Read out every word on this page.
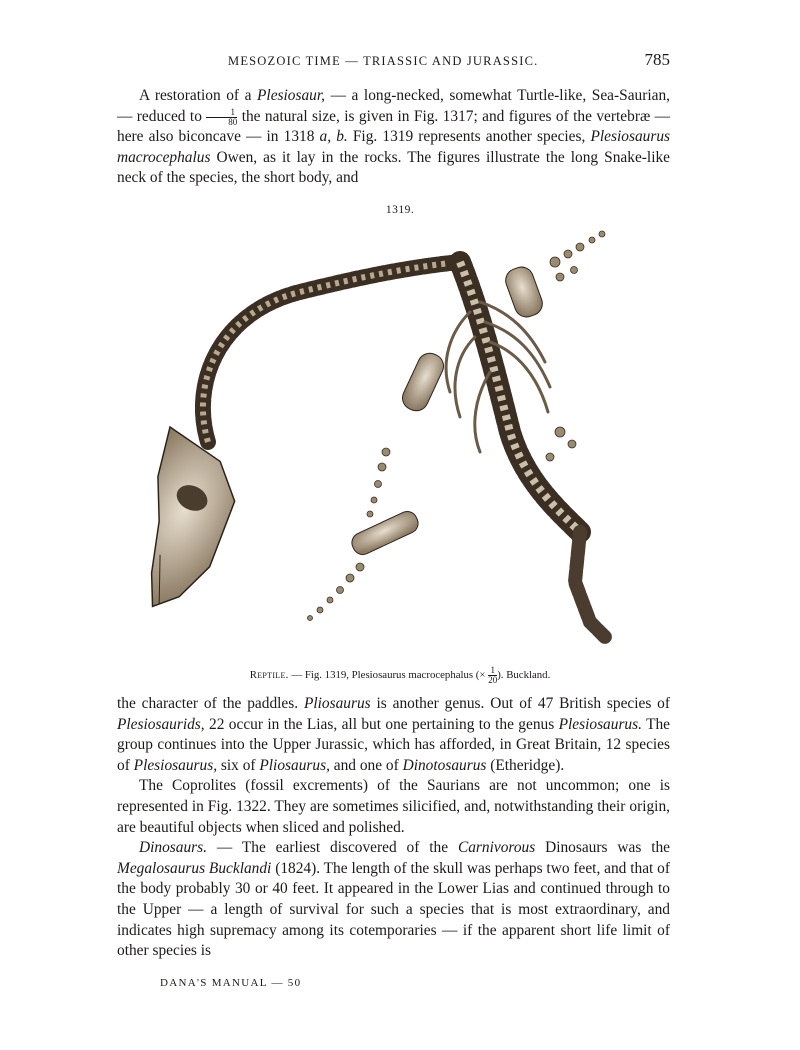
MESOZOIC TIME — TRIASSIC AND JURASSIC.	785

A restoration of a Plesiosaur, — a long-necked, somewhat Turtle-like, Sea-Saurian, — reduced to $\frac{1}{80}$ the natural size, is given in Fig. 1317; and figures of the vertebræ — here also biconcave — in 1318 a, b. Fig. 1319 represents another species, Plesiosaurus macrocephalus Owen, as it lay in the rocks. The figures illustrate the long Snake-like neck of the species, the short body, and

1319.
Reptile. — Fig. 1319, Plesiosaurus macrocephalus (× $\frac{1}{20}$ ). Buckland.

the character of the paddles. Pliosaurus is another genus. Out of 47 British species of Plesiosaurids, 22 occur in the Lias, all but one pertaining to the genus Plesiosaurus. The group continues into the Upper Jurassic, which has afforded, in Great Britain, 12 species of Plesiosaurus, six of Pliosaurus, and one of Dinotosaurus (Etheridge).

The Coprolites (fossil excrements) of the Saurians are not uncommon; one is represented in Fig. 1322. They are sometimes silicified, and, notwithstanding their origin, are beautiful objects when sliced and polished.

Dinosaurs. — The earliest discovered of the Carnivorous Dinosaurs was the Megalosaurus Bucklandi (1824). The length of the skull was perhaps two feet, and that of the body probably 30 or 40 feet. It appeared in the Lower Lias and continued through to the Upper — a length of survival for such a species that is most extraordinary, and indicates high supremacy among its cotemporaries — if the apparent short life limit of other species is

DANA'S MANUAL — 50
